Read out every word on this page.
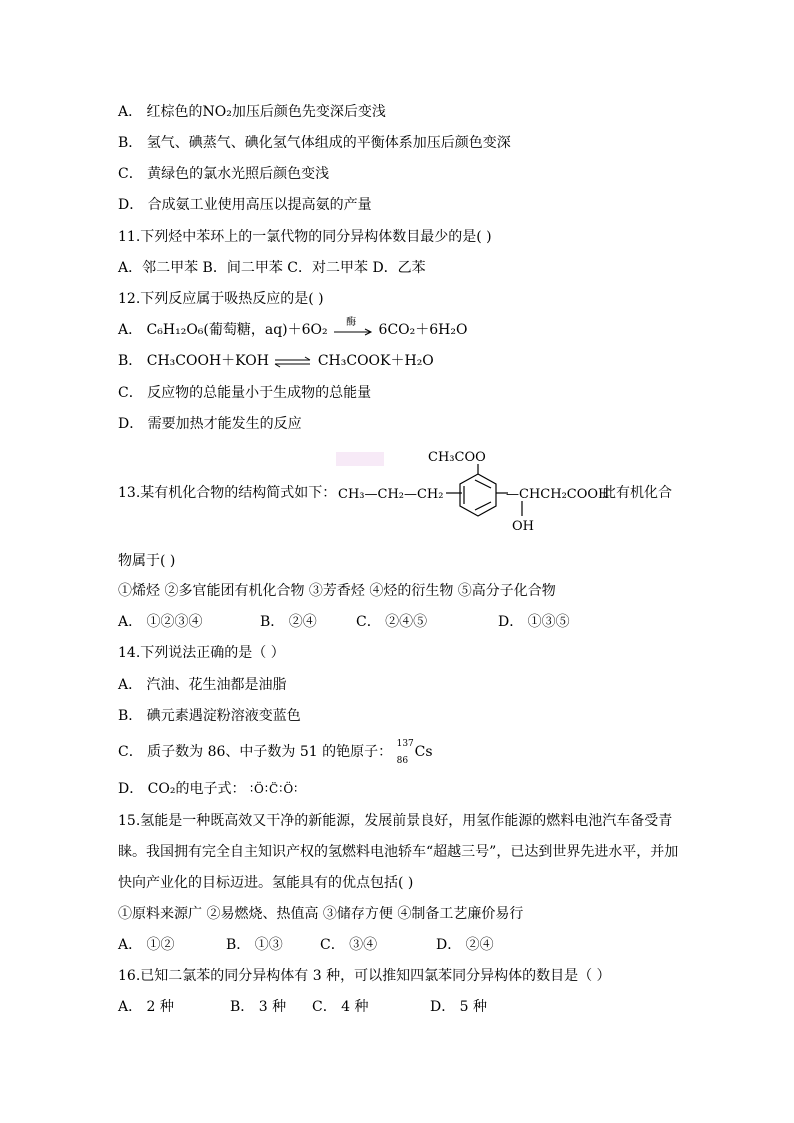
A． 红棕色的NO₂加压后颜色先变深后变浅
B． 氢气、碘蒸气、碘化氢气体组成的平衡体系加压后颜色变深
C． 黄绿色的氯水光照后颜色变浅
D． 合成氨工业使用高压以提高氨的产量
11.下列烃中苯环上的一氯代物的同分异构体数目最少的是( )
A．邻二甲苯 B．间二甲苯 C．对二甲苯 D．乙苯
12.下列反应属于吸热反应的是( )
A． C₆H₁₂O₆(葡萄糖，aq)＋6O₂ 酶 6CO₂＋6H₂O
B． CH₃COOH＋KOH ⇌ CH₃COOK＋H₂O
C． 反应物的总能量小于生成物的总能量
D． 需要加热才能发生的反应
13.某有机化合物的结构简式如下：
CH₃COO
CH₃—CH₂—CH₂	—CHCH₂COOH
OH
此有机化合
物属于( )
①烯烃 ②多官能团有机化合物 ③芳香烃 ④烃的衍生物 ⑤高分子化合物
A． ①②③④	B． ②④	C． ②④⑤	D． ①③⑤
14.下列说法正确的是（ ）
A． 汽油、花生油都是油脂
B． 碘元素遇淀粉溶液变蓝色
C． 质子数为 86、中子数为 51 的铯原子： 137
86
Cs
D． CO₂的电子式： ∶Ö∶C̈∶Ö∶
15.氢能是一种既高效又干净的新能源，发展前景良好，用氢作能源的燃料电池汽车备受青
睐。我国拥有完全自主知识产权的氢燃料电池轿车“超越三号”，已达到世界先进水平，并加
快向产业化的目标迈进。氢能具有的优点包括( )
①原料来源广 ②易燃烧、热值高 ③储存方便 ④制备工艺廉价易行
A． ①②	B． ①③	C． ③④	D． ②④
16.已知二氯苯的同分异构体有 3 种，可以推知四氯苯同分异构体的数目是（ ）
A． 2 种	B． 3 种 C． 4 种	D． 5 种
